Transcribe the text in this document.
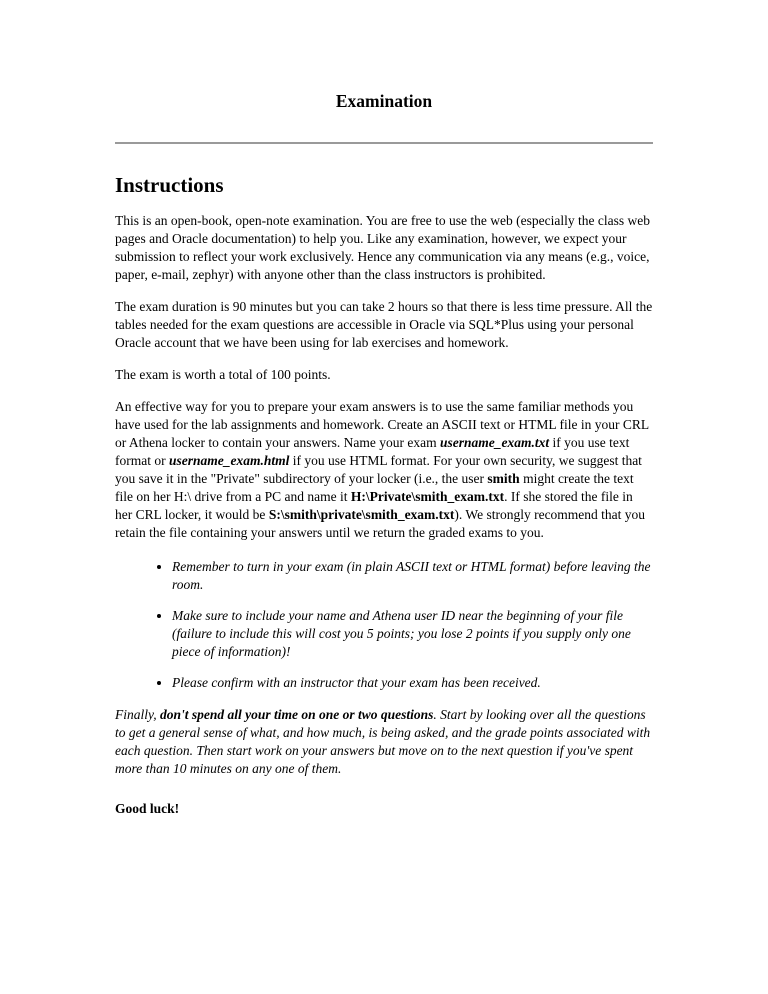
Examination
Instructions

This is an open-book, open-note examination. You are free to use the web (especially the class web pages and Oracle documentation) to help you. Like any examination, however, we expect your submission to reflect your work exclusively. Hence any communication via any means (e.g., voice, paper, e-mail, zephyr) with anyone other than the class instructors is prohibited.

The exam duration is 90 minutes but you can take 2 hours so that there is less time pressure. All the tables needed for the exam questions are accessible in Oracle via SQL*Plus using your personal Oracle account that we have been using for lab exercises and homework.

The exam is worth a total of 100 points.

An effective way for you to prepare your exam answers is to use the same familiar methods you have used for the lab assignments and homework. Create an ASCII text or HTML file in your CRL or Athena locker to contain your answers. Name your exam username_exam.txt if you use text format or username_exam.html if you use HTML format. For your own security, we suggest that you save it in the "Private" subdirectory of your locker (i.e., the user smith might create the text file on her H:\ drive from a PC and name it H:\Private\smith_exam.txt. If she stored the file in her CRL locker, it would be S:\smith\private\smith_exam.txt). We strongly recommend that you retain the file containing your answers until we return the graded exams to you.

• Remember to turn in your exam (in plain ASCII text or HTML format) before leaving the room.
• Make sure to include your name and Athena user ID near the beginning of your file (failure to include this will cost you 5 points; you lose 2 points if you supply only one piece of information)!
• Please confirm with an instructor that your exam has been received.

Finally, don't spend all your time on one or two questions. Start by looking over all the questions to get a general sense of what, and how much, is being asked, and the grade points associated with each question. Then start work on your answers but move on to the next question if you've spent more than 10 minutes on any one of them.

Good luck!
